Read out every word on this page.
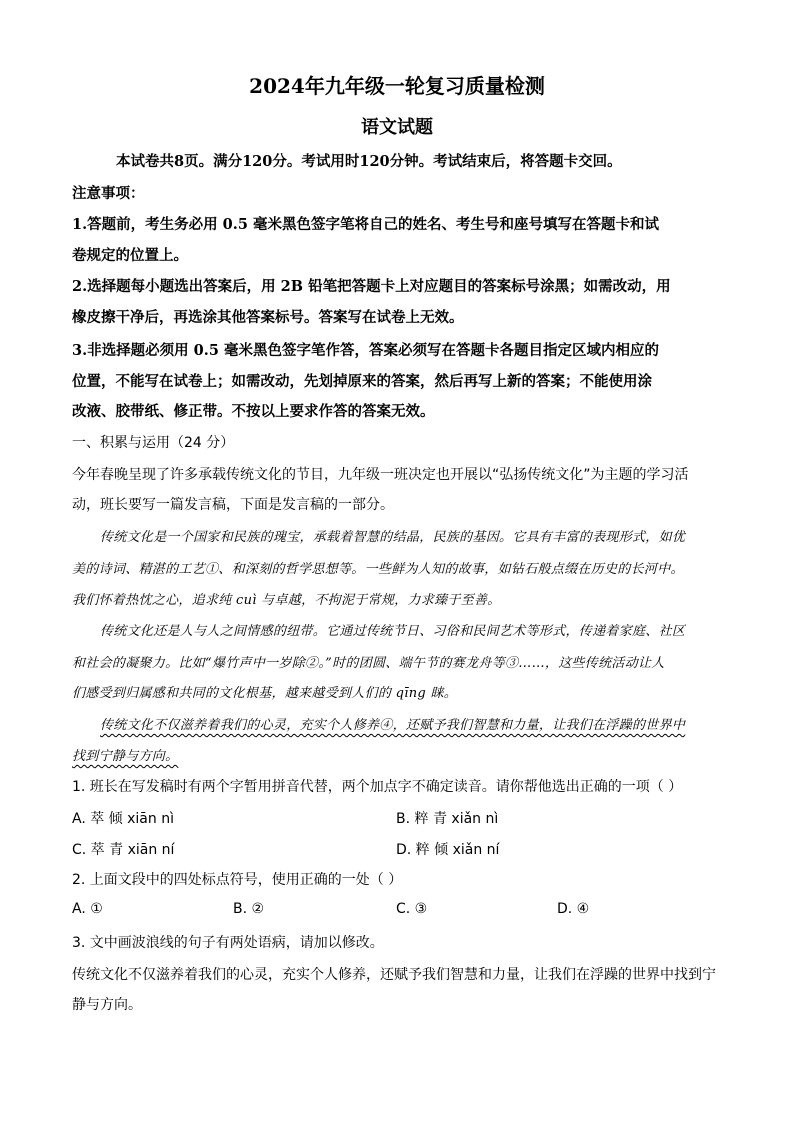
2024年九年级一轮复习质量检测
语文试题
本试卷共8页。满分120分。考试用时120分钟。考试结束后，将答题卡交回。
注意事项：
1.答题前，考生务必用 0.5 毫米黑色签字笔将自己的姓名、考生号和座号填写在答题卡和试
卷规定的位置上。
2.选择题每小题选出答案后，用 2B 铅笔把答题卡上对应题目的答案标号涂黑；如需改动，用
橡皮擦干净后，再选涂其他答案标号。答案写在试卷上无效。
3.非选择题必须用 0.5 毫米黑色签字笔作答，答案必须写在答题卡各题目指定区域内相应的
位置，不能写在试卷上；如需改动，先划掉原来的答案，然后再写上新的答案；不能使用涂
改液、胶带纸、修正带。不按以上要求作答的答案无效。
一、积累与运用（24 分）
今年春晚呈现了许多承载传统文化的节目，九年级一班决定也开展以“弘扬传统文化”为主题的学习活
动，班长要写一篇发言稿，下面是发言稿的一部分。
传统文化是一个国家和民族的瑰宝，承载着智慧的结晶，民族的基因。它具有丰富的表现形式，如优
美的诗词、精湛的工艺①、和深刻的哲学思想等。一些鲜为人知的故事，如钻石般点缀在历史的长河中。
我们怀着热忱之心，追求纯 cuì 与卓越，不拘泥于常规，力求臻于至善。
传统文化还是人与人之间情感的纽带。它通过传统节日、习俗和民间艺术等形式，传递着家庭、社区
和社会的凝聚力。比如“爆竹声中一岁除②。”时的团圆、端午节的赛龙舟等③……，这些传统活动让人
们感受到归属感和共同的文化根基，越来越受到人们的 qīng 睐。
传统文化不仅滋养着我们的心灵，充实个人修养④，还赋予我们智慧和力量，让我们在浮躁的世界中
找到宁静与方向。
1. 班长在写发稿时有两个字暂用拼音代替，两个加点字不确定读音。请你帮他选出正确的一项（ ）
A. 萃 倾 xiān nì	B. 粹 青 xiǎn nì
C. 萃 青 xiān ní	D. 粹 倾 xiǎn ní
2. 上面文段中的四处标点符号，使用正确的一处（ ）
A. ①	B. ②	C. ③	D. ④
3. 文中画波浪线的句子有两处语病，请加以修改。
传统文化不仅滋养着我们的心灵，充实个人修养，还赋予我们智慧和力量，让我们在浮躁的世界中找到宁
静与方向。
